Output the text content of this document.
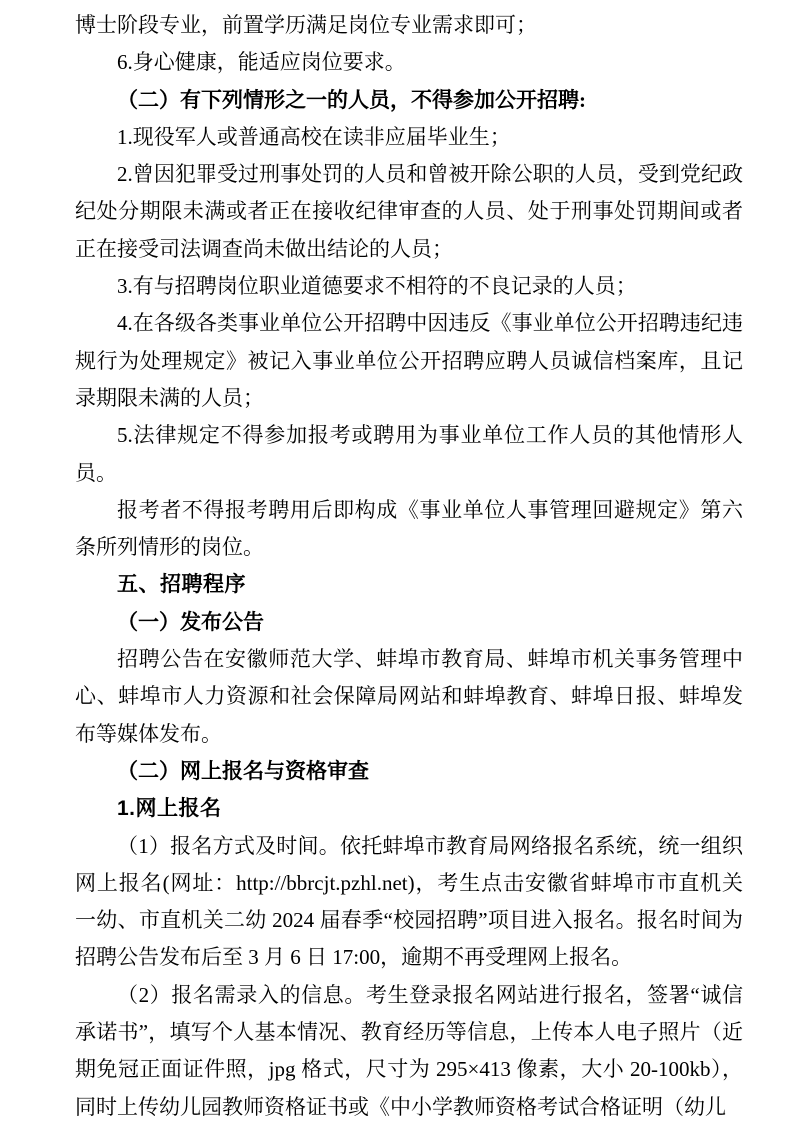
博士阶段专业，前置学历满足岗位专业需求即可；

6.身心健康，能适应岗位要求。

（二）有下列情形之一的人员，不得参加公开招聘:

1.现役军人或普通高校在读非应届毕业生；

2.曾因犯罪受过刑事处罚的人员和曾被开除公职的人员，受到党纪政纪处分期限未满或者正在接收纪律审查的人员、处于刑事处罚期间或者正在接受司法调查尚未做出结论的人员；

3.有与招聘岗位职业道德要求不相符的不良记录的人员；

4.在各级各类事业单位公开招聘中因违反《事业单位公开招聘违纪违规行为处理规定》被记入事业单位公开招聘应聘人员诚信档案库，且记录期限未满的人员；

5.法律规定不得参加报考或聘用为事业单位工作人员的其他情形人员。

报考者不得报考聘用后即构成《事业单位人事管理回避规定》第六条所列情形的岗位。

五、招聘程序

（一）发布公告

招聘公告在安徽师范大学、蚌埠市教育局、蚌埠市机关事务管理中心、蚌埠市人力资源和社会保障局网站和蚌埠教育、蚌埠日报、蚌埠发布等媒体发布。

（二）网上报名与资格审查

1.网上报名

（1）报名方式及时间。依托蚌埠市教育局网络报名系统，统一组织网上报名(网址：http://bbrcjt.pzhl.net)，考生点击安徽省蚌埠市市直机关一幼、市直机关二幼 2024 届春季“校园招聘”项目进入报名。报名时间为招聘公告发布后至 3 月 6 日 17:00，逾期不再受理网上报名。

（2）报名需录入的信息。考生登录报名网站进行报名，签署“诚信承诺书”，填写个人基本情况、教育经历等信息，上传本人电子照片（近期免冠正面证件照，jpg 格式，尺寸为 295×413 像素，大小 20-100kb），同时上传幼儿园教师资格证书或《中小学教师资格考试合格证明（幼儿
